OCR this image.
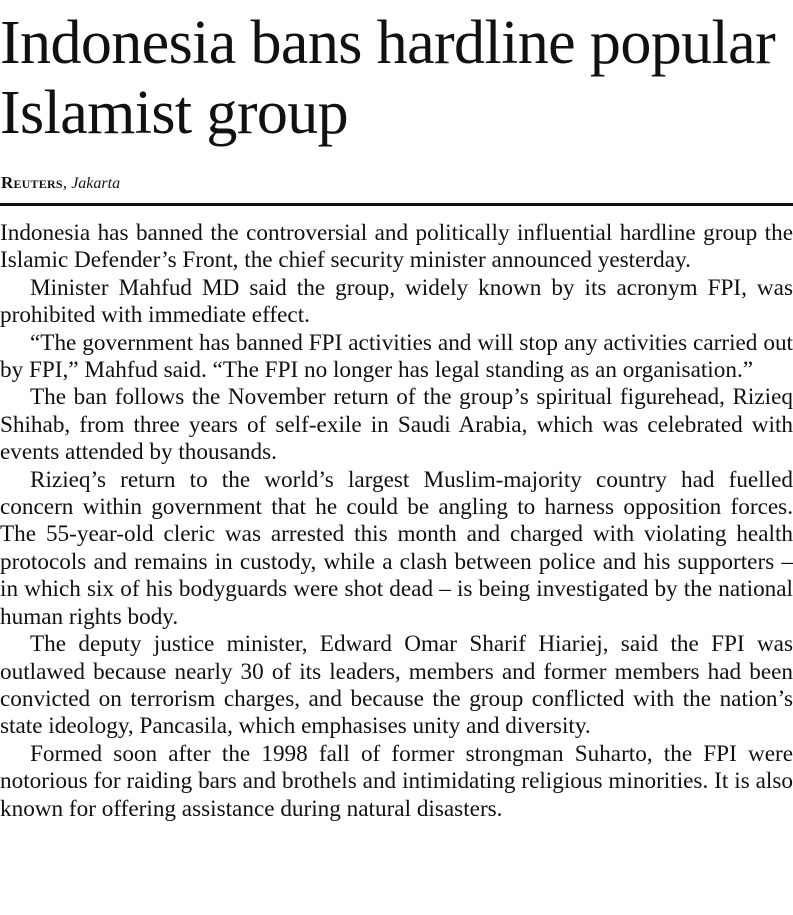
Indonesia bans hardline popular Islamist group
Reuters, Jakarta

Indonesia has banned the controversial and politically influential hardline group the Islamic Defender’s Front, the chief security minister announced yesterday.

Minister Mahfud MD said the group, widely known by its acronym FPI, was prohibited with immediate effect.

“The government has banned FPI activities and will stop any activities carried out by FPI,” Mahfud said. “The FPI no longer has legal standing as an organisation.”

The ban follows the November return of the group’s spiritual figurehead, Rizieq Shihab, from three years of self-exile in Saudi Arabia, which was celebrated with events attended by thousands.

Rizieq’s return to the world’s largest Muslim-majority country had fuelled concern within government that he could be angling to harness opposition forces. The 55-year-old cleric was arrested this month and charged with violating health protocols and remains in custody, while a clash between police and his supporters – in which six of his bodyguards were shot dead – is being investigated by the national human rights body.

The deputy justice minister, Edward Omar Sharif Hiariej, said the FPI was outlawed because nearly 30 of its leaders, members and former members had been convicted on terrorism charges, and because the group conflicted with the nation’s state ideology, Pancasila, which emphasises unity and diversity.

Formed soon after the 1998 fall of former strongman Suharto, the FPI were notorious for raiding bars and brothels and intimidating religious minorities. It is also known for offering assistance during natural disasters.
